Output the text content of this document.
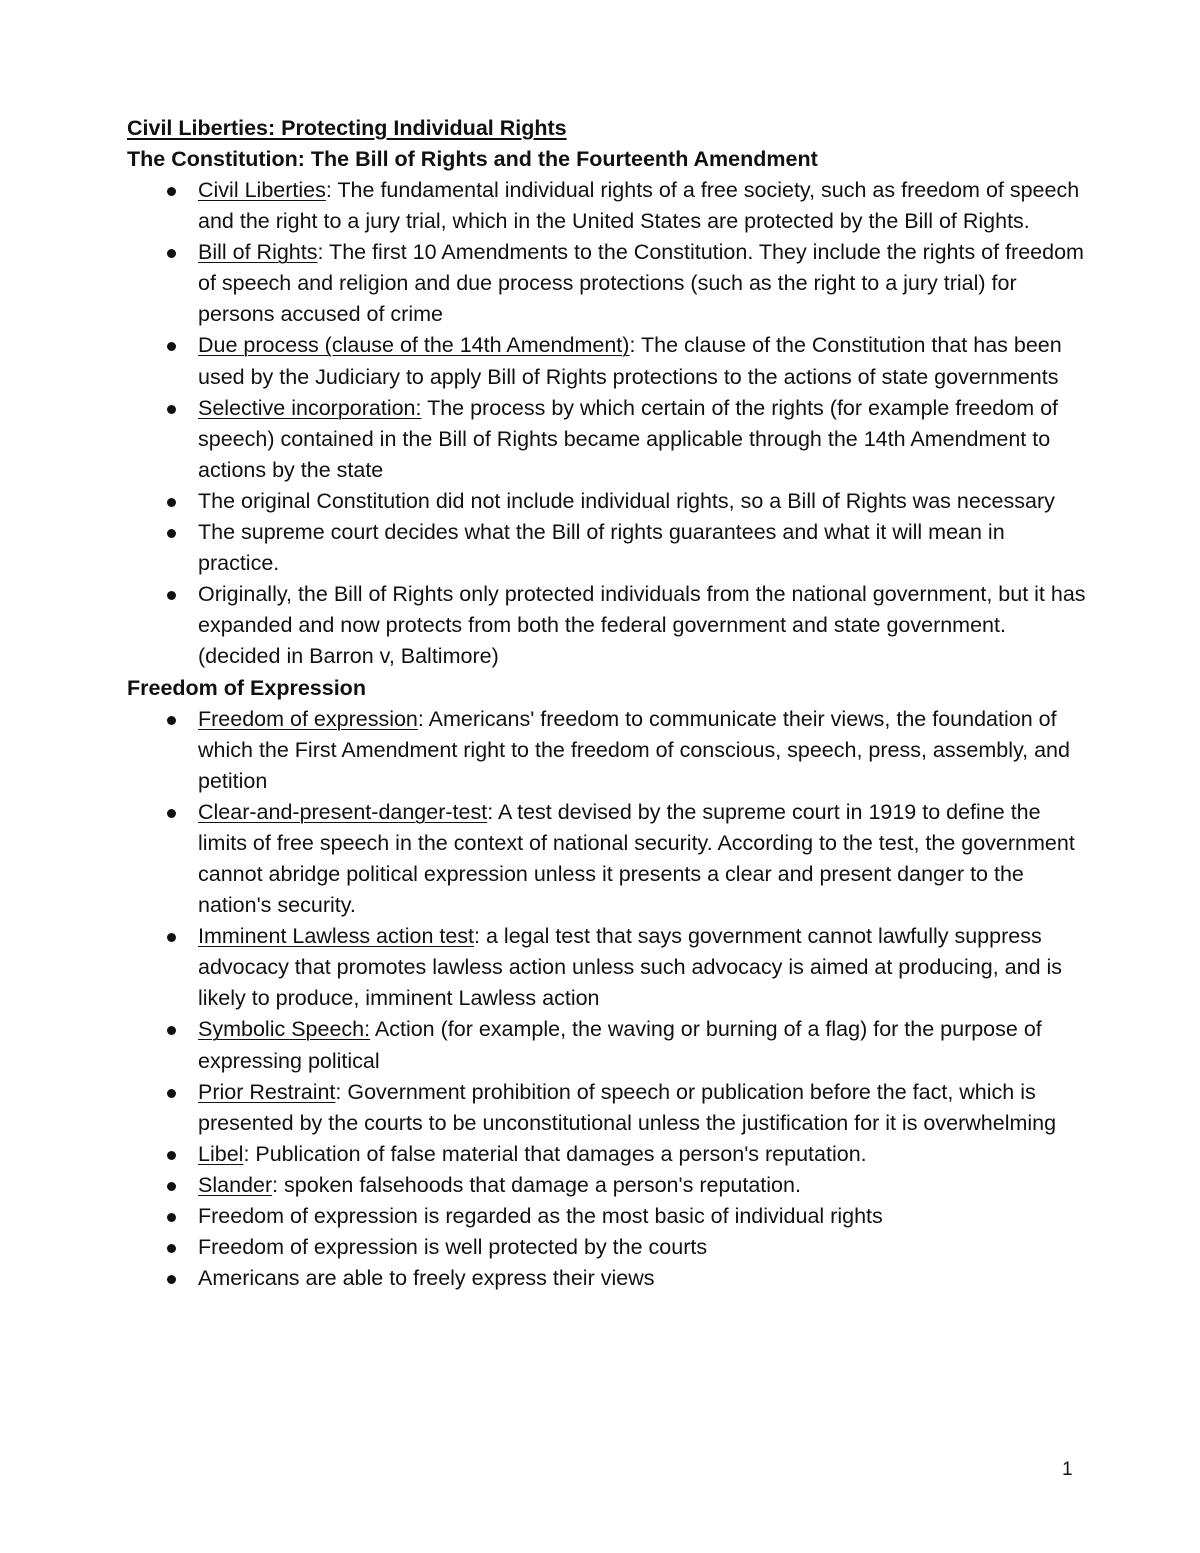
Civil Liberties: Protecting Individual Rights
The Constitution: The Bill of Rights and the Fourteenth Amendment
Civil Liberties: The fundamental individual rights of a free society, such as freedom of speech and the right to a jury trial, which in the United States are protected by the Bill of Rights.
Bill of Rights: The first 10 Amendments to the Constitution. They include the rights of freedom of speech and religion and due process protections (such as the right to a jury trial) for persons accused of crime
Due process (clause of the 14th Amendment): The clause of the Constitution that has been used by the Judiciary to apply Bill of Rights protections to the actions of state governments
Selective incorporation: The process by which certain of the rights (for example freedom of speech) contained in the Bill of Rights became applicable through the 14th Amendment to actions by the state
The original Constitution did not include individual rights, so a Bill of Rights was necessary
The supreme court decides what the Bill of rights guarantees and what it will mean in practice.
Originally, the Bill of Rights only protected individuals from the national government, but it has expanded and now protects from both the federal government and state government. (decided in Barron v, Baltimore)
Freedom of Expression
Freedom of expression: Americans' freedom to communicate their views, the foundation of which the First Amendment right to the freedom of conscious, speech, press, assembly, and petition
Clear-and-present-danger-test: A test devised by the supreme court in 1919 to define the limits of free speech in the context of national security. According to the test, the government cannot abridge political expression unless it presents a clear and present danger to the nation's security.
Imminent Lawless action test: a legal test that says government cannot lawfully suppress advocacy that promotes lawless action unless such advocacy is aimed at producing, and is likely to produce, imminent Lawless action
Symbolic Speech: Action (for example, the waving or burning of a flag) for the purpose of expressing political
Prior Restraint: Government prohibition of speech or publication before the fact, which is presented by the courts to be unconstitutional unless the justification for it is overwhelming
Libel: Publication of false material that damages a person's reputation.
Slander: spoken falsehoods that damage a person's reputation.
Freedom of expression is regarded as the most basic of individual rights
Freedom of expression is well protected by the courts
Americans are able to freely express their views
1
